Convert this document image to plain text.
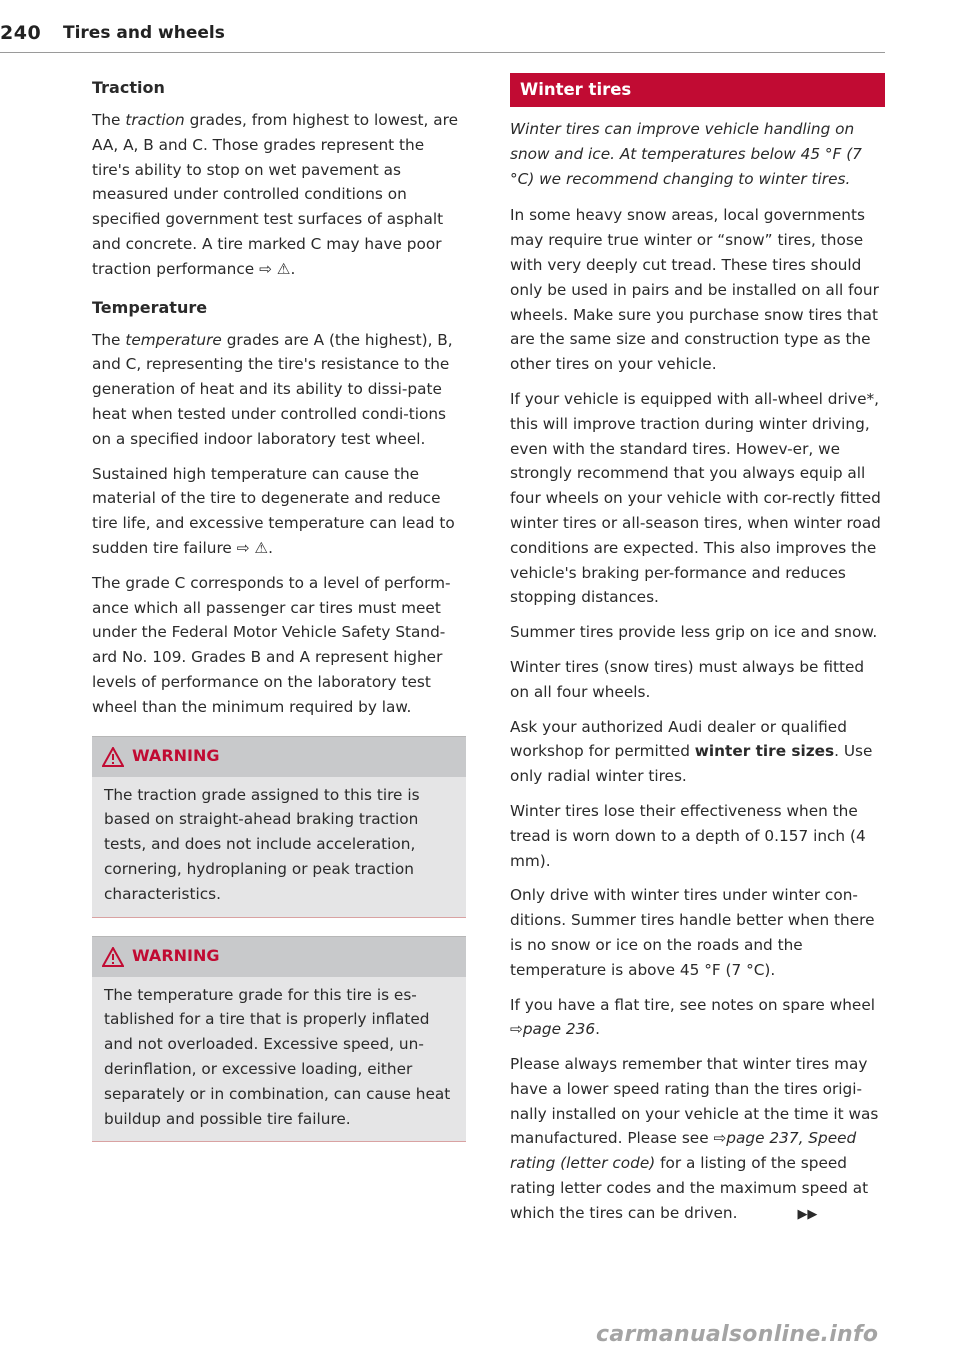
240 Tires and wheels
Traction

The traction grades, from highest to lowest, are AA, A, B and C. Those grades represent the tire's ability to stop on wet pavement as measured under controlled conditions on specified government test surfaces of asphalt and concrete. A tire marked C may have poor traction performance ⇨ ⚠.

Temperature

The temperature grades are A (the highest), B, and C, representing the tire's resistance to the generation of heat and its ability to dissi-pate heat when tested under controlled condi-tions on a specified indoor laboratory test wheel.

Sustained high temperature can cause the material of the tire to degenerate and reduce tire life, and excessive temperature can lead to sudden tire failure ⇨ ⚠.

The grade C corresponds to a level of perform-ance which all passenger car tires must meet under the Federal Motor Vehicle Safety Stand-ard No. 109. Grades B and A represent higher levels of performance on the laboratory test wheel than the minimum required by law.

WARNING
The traction grade assigned to this tire is based on straight-ahead braking traction tests, and does not include acceleration, cornering, hydroplaning or peak traction characteristics.
WARNING
The temperature grade for this tire is es-tablished for a tire that is properly inflated and not overloaded. Excessive speed, un-derinflation, or excessive loading, either separately or in combination, can cause heat buildup and possible tire failure.
Winter tires

Winter tires can improve vehicle handling on snow and ice. At temperatures below 45 °F (7 °C) we recommend changing to winter tires.

In some heavy snow areas, local governments may require true winter or “snow” tires, those with very deeply cut tread. These tires should only be used in pairs and be installed on all four wheels. Make sure you purchase snow tires that are the same size and construction type as the other tires on your vehicle.

If your vehicle is equipped with all-wheel drive*, this will improve traction during winter driving, even with the standard tires. Howev-er, we strongly recommend that you always equip all four wheels on your vehicle with cor-rectly fitted winter tires or all-season tires, when winter road conditions are expected. This also improves the vehicle's braking per-formance and reduces stopping distances.

Summer tires provide less grip on ice and snow.

Winter tires (snow tires) must always be fitted on all four wheels.

Ask your authorized Audi dealer or qualified workshop for permitted winter tire sizes. Use only radial winter tires.

Winter tires lose their effectiveness when the tread is worn down to a depth of 0.157 inch (4 mm).

Only drive with winter tires under winter con-ditions. Summer tires handle better when there is no snow or ice on the roads and the temperature is above 45 °F (7 °C).

If you have a flat tire, see notes on spare wheel ⇨page 236.

Please always remember that winter tires may have a lower speed rating than the tires origi-nally installed on your vehicle at the time it was manufactured. Please see ⇨page 237, Speed rating (letter code) for a listing of the speed rating letter codes and the maximum speed at which the tires can be driven.	▶▶

carmanualsonline.info
